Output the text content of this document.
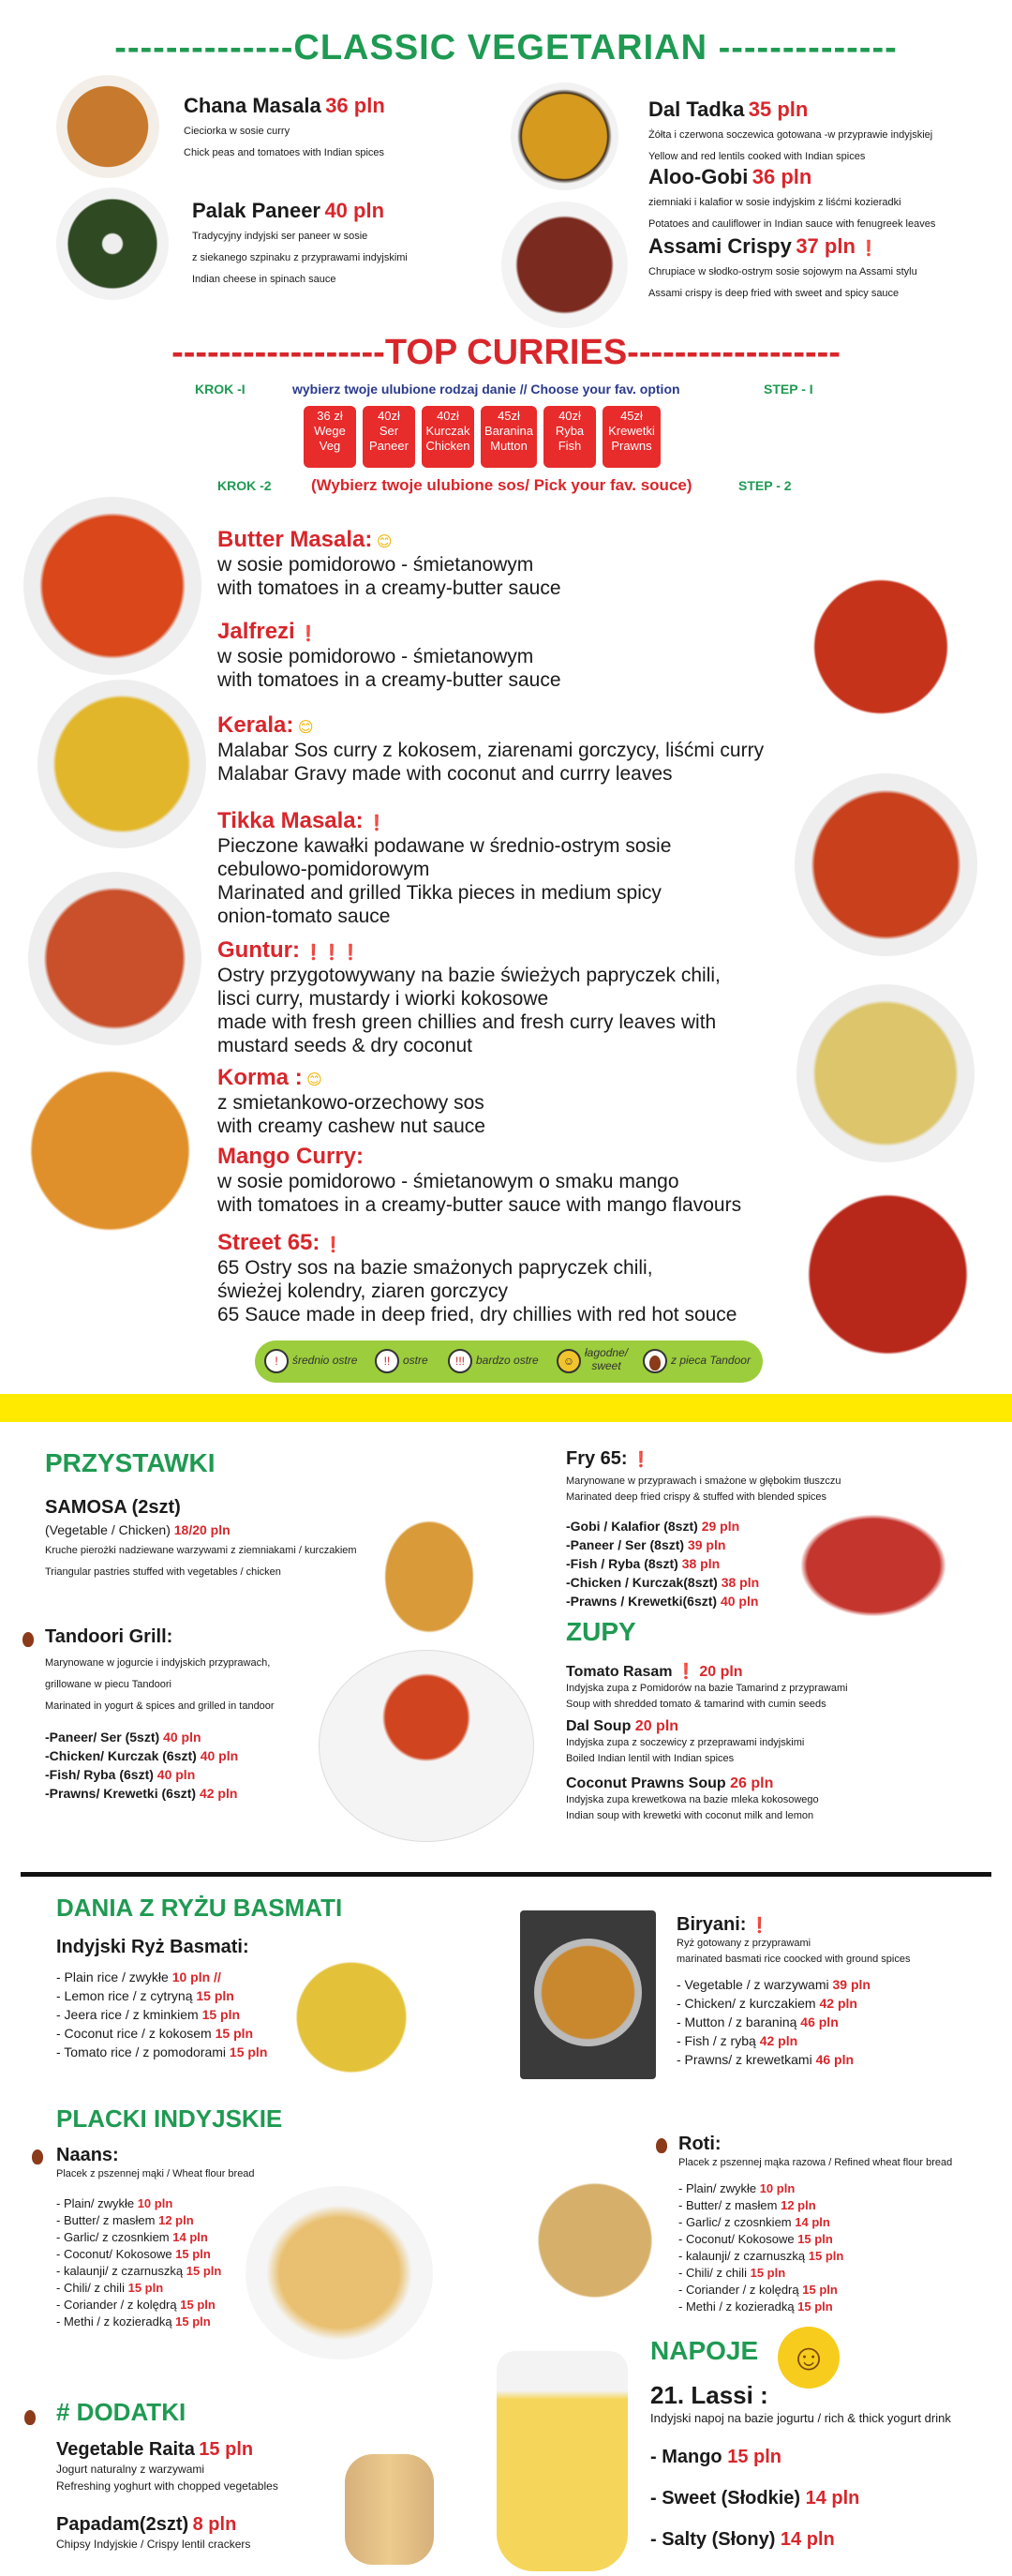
--------------CLASSIC VEGETARIAN --------------
Chana Masala 36 pln
Cieciorka w sosie curry
Chick peas and tomatoes with Indian spices
Palak Paneer 40 pln
Tradycyjny indyjski ser paneer w sosie
z siekanego szpinaku z przyprawami indyjskimi
Indian cheese in spinach sauce
Dal Tadka 35 pln
Żółta i czerwona soczewica gotowana -w przyprawie indyjskiej
Yellow and red lentils cooked with Indian spices
Aloo-Gobi 36 pln
ziemniaki i kalafior w sosie indyjskim z liśćmi kozieradki
Potatoes and cauliflower in Indian sauce with fenugreek leaves
Assami Crispy 37 pln ❗
Chrupiace w słodko-ostrym sosie sojowym na Assami stylu
Assami crispy is deep fried with sweet and spicy sauce
------------------TOP CURRIES------------------
KROK -I	wybierz twoje ulubione rodzaj danie // Choose your fav. option	STEP - I
36 zł
Wege
Veg
40zł
Ser
Paneer
40zł
Kurczak
Chicken
45zł
Baranina
Mutton
40zł
Ryba
Fish
45zł
Krewetki
Prawns
KROK -2 (Wybierz twoje ulubione sos/ Pick your fav. souce)	STEP - 2
Butter Masala: 😊
w sosie pomidorowo - śmietanowym
with tomatoes in a creamy-butter sauce
Jalfrezi ❗
w sosie pomidorowo - śmietanowym
with tomatoes in a creamy-butter sauce
Kerala: 😊
Malabar Sos curry z kokosem, ziarenami gorczycy, liśćmi curry
Malabar Gravy made with coconut and currry leaves
Tikka Masala: ❗
Pieczone kawałki podawane w średnio-ostrym sosie
cebulowo-pomidorowym
Marinated and grilled Tikka pieces in medium spicy
onion-tomato sauce
Guntur: ❗❗❗
Ostry przygotowywany na bazie świeżych papryczek chili,
lisci curry, mustardy i wiorki kokosowe
made with fresh green chillies and fresh curry leaves with
mustard seeds & dry coconut
Korma : 😊
z smietankowo-orzechowy sos
with creamy cashew nut sauce
Mango Curry:
w sosie pomidorowo - śmietanowym o smaku mango
with tomatoes in a creamy-butter sauce with mango flavours
Street 65: ❗
65 Ostry sos na bazie smażonych papryczek chili,
świeżej kolendry, ziaren gorczycy
65 Sauce made in deep fried, dry chillies with red hot souce
!	średnio ostre	!!	ostre	!!!	bardzo ostre	☺
łagodne/
sweet	z pieca Tandoor
PRZYSTAWKI
SAMOSA (2szt)
(Vegetable / Chicken) 18/20 pln
Kruche pierożki nadziewane warzywami z ziemniakami / kurczakiem
Triangular pastries stuffed with vegetables / chicken
Tandoori Grill:
Marynowane w jogurcie i indyjskich przyprawach,
grillowane w piecu Tandoori
Marinated in yogurt & spices and grilled in tandoor
-Paneer/ Ser (5szt) 40 pln
-Chicken/ Kurczak (6szt) 40 pln
-Fish/ Ryba (6szt) 40 pln
-Prawns/ Krewetki (6szt) 42 pln
Fry 65: ❗
Marynowane w przyprawach i smażone w głębokim tłuszczu
Marinated deep fried crispy & stuffed with blended spices
-Gobi / Kalafior (8szt) 29 pln
-Paneer / Ser (8szt) 39 pln
-Fish / Ryba (8szt) 38 pln
-Chicken / Kurczak(8szt) 38 pln
-Prawns / Krewetki(6szt) 40 pln
ZUPY
Tomato Rasam ❗ 20 pln
Indyjska zupa z Pomidorów na bazie Tamarind z przyprawami
Soup with shredded tomato & tamarind with cumin seeds
Dal Soup 20 pln
Indyjska zupa z soczewicy z przeprawami indyjskimi
Boiled Indian lentil with Indian spices
Coconut Prawns Soup 26 pln
Indyjska zupa krewetkowa na bazie mleka kokosowego
Indian soup with krewetki with coconut milk and lemon
DANIA Z RYŻU BASMATI
Indyjski Ryż Basmati:
- Plain rice / zwykłe 10 pln //
- Lemon rice / z cytryną 15 pln
- Jeera rice / z kminkiem 15 pln
- Coconut rice / z kokosem 15 pln
- Tomato rice / z pomodorami 15 pln
Biryani: ❗
Ryż gotowany z przyprawami
marinated basmati rice coocked with ground spices
- Vegetable / z warzywami 39 pln
- Chicken/ z kurczakiem 42 pln
- Mutton / z baraniną 46 pln
- Fish / z rybą 42 pln
- Prawns/ z krewetkami 46 pln
PLACKI INDYJSKIE
Naans:
Placek z pszennej mąki / Wheat flour bread
- Plain/ zwykłe 10 pln
- Butter/ z masłem 12 pln
- Garlic/ z czosnkiem 14 pln
- Coconut/ Kokosowe 15 pln
- kalaunji/ z czarnuszką 15 pln
- Chili/ z chili 15 pln
- Coriander / z kolędrą 15 pln
- Methi / z kozieradką 15 pln
Roti:
Placek z pszennej mąka razowa / Refined wheat flour bread
- Plain/ zwykłe 10 pln
- Butter/ z masłem 12 pln
- Garlic/ z czosnkiem 14 pln
- Coconut/ Kokosowe 15 pln
- kalaunji/ z czarnuszką 15 pln
- Chili/ z chili 15 pln
- Coriander / z kolędrą 15 pln
- Methi / z kozieradką 15 pln
# DODATKI
Vegetable Raita 15 pln
Jogurt naturalny z warzywami
Refreshing yoghurt with chopped vegetables
Papadam(2szt) 8 pln
Chipsy Indyjskie / Crispy lentil crackers
NAPOJE ☺
21. Lassi :
Indyjski napoj na bazie jogurtu / rich & thick yogurt drink
- Mango 15 pln
- Sweet (Słodkie) 14 pln
- Salty (Słony) 14 pln
